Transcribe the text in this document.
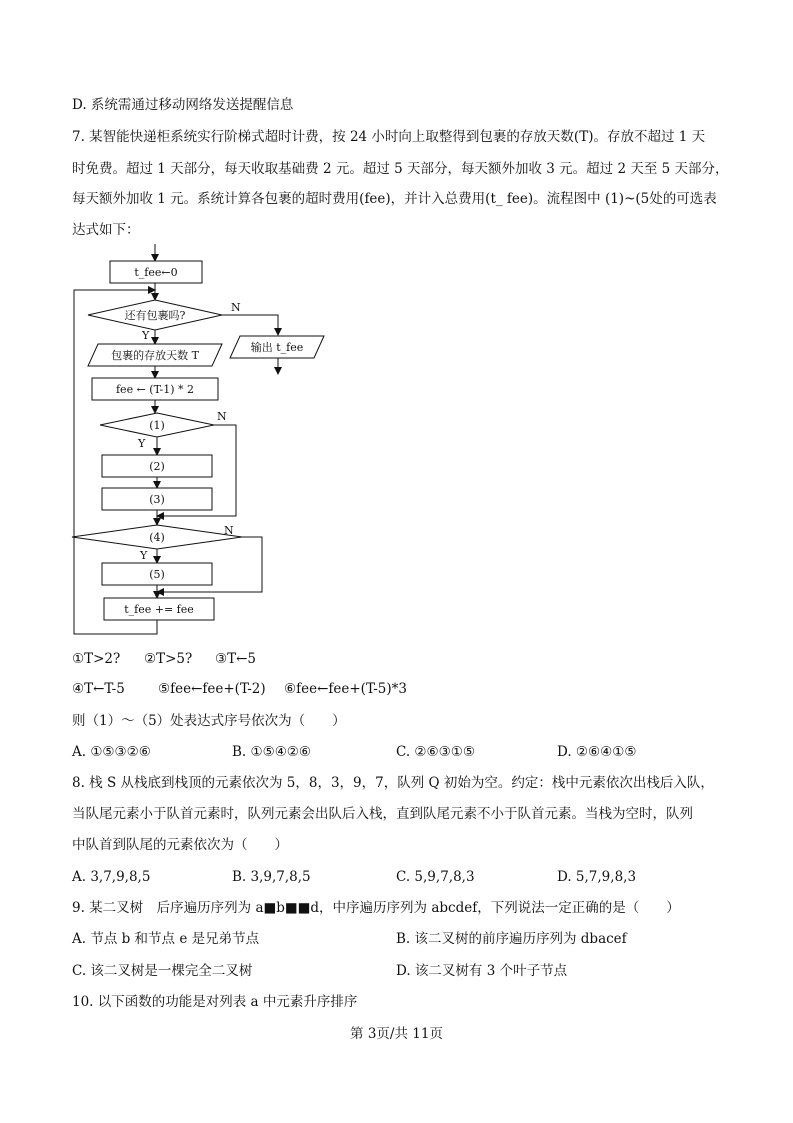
D. 系统需通过移动网络发送提醒信息
7. 某智能快递柜系统实行阶梯式超时计费，按 24 小时向上取整得到包裹的存放天数(T)。存放不超过 1 天
时免费。超过 1 天部分，每天收取基础费 2 元。超过 5 天部分，每天额外加收 3 元。超过 2 天至 5 天部分，
每天额外加收 1 元。系统计算各包裹的超时费用(fee)，并计入总费用(t_ fee)。流程图中 (1)~(5处的可选表
达式如下：
t_fee←0
还有包裹吗?
N
Y
输出 t_fee
包裹的存放天数 T
fee ← (T-1) * 2
(1)
N
Y
(2)
(3)
(4)
N
Y
(5)
t_fee += fee
①T>2? ②T>5? ③T←5
④T←T-5 ⑤fee←fee+(T-2) ⑥fee←fee+(T-5)*3
则（1）～（5）处表达式序号依次为（　　）
A. ①⑤③②⑥	B. ①⑤④②⑥	C. ②⑥③①⑤	D. ②⑥④①⑤
8. 栈 S 从栈底到栈顶的元素依次为 5，8，3，9，7，队列 Q 初始为空。约定：栈中元素依次出栈后入队，
当队尾元素小于队首元素时，队列元素会出队后入栈，直到队尾元素不小于队首元素。当栈为空时，队列
中队首到队尾的元素依次为（　　）
A. 3,7,9,8,5	B. 3,9,7,8,5	C. 5,9,7,8,3	D. 5,7,9,8,3
9. 某二叉树　后序遍历序列为 a■b■■d，中序遍历序列为 abcdef，下列说法一定正确的是（　　）
A. 节点 b 和节点 e 是兄弟节点	B. 该二叉树的前序遍历序列为 dbacef
C. 该二叉树是一棵完全二叉树	D. 该二叉树有 3 个叶子节点
10. 以下函数的功能是对列表 a 中元素升序排序
第 3页/共 11页
